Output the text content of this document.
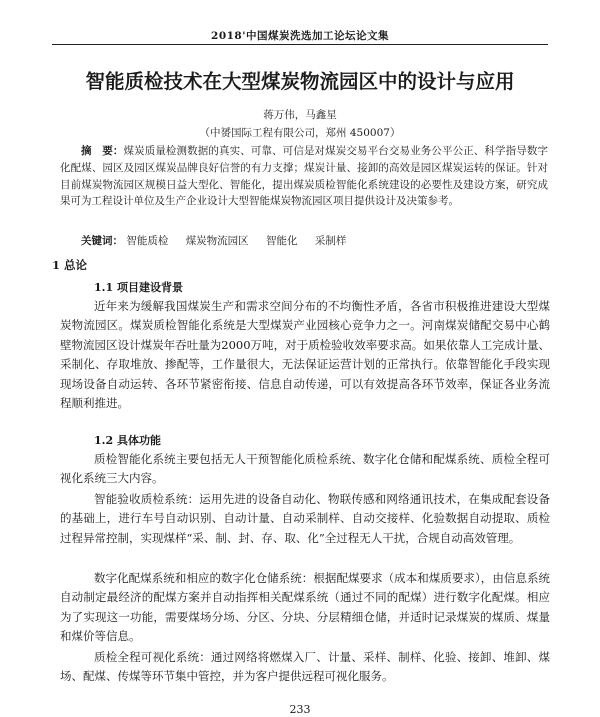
2018'中国煤炭洗选加工论坛论文集
智能质检技术在大型煤炭物流园区中的设计与应用
蒋万伟，马鑫星
（中赟国际工程有限公司，郑州 450007）
摘　要：煤炭质量检测数据的真实、可靠、可信是对煤炭交易平台交易业务公平公正、科学指导数字化配煤、园区及园区煤炭品牌良好信誉的有力支撑；煤炭计量、接卸的高效是园区煤炭运转的保证。针对目前煤炭物流园区规模日益大型化、智能化，提出煤炭质检智能化系统建设的必要性及建设方案，研究成果可为工程设计单位及生产企业设计大型智能煤炭物流园区项目提供设计及决策参考。
关键词： 智能质检 煤炭物流园区 智能化 采制样
1 总论
1.1 项目建设背景
近年来为缓解我国煤炭生产和需求空间分布的不均衡性矛盾，各省市积极推进建设大型煤炭物流园区。煤炭质检智能化系统是大型煤炭产业园核心竞争力之一。河南煤炭储配交易中心鹤壁物流园区设计煤炭年吞吐量为2000万吨，对于质检验收效率要求高。如果依靠人工完成计量、采制化、存取堆放、掺配等，工作量很大，无法保证运营计划的正常执行。依靠智能化手段实现现场设备自动运转、各环节紧密衔接、信息自动传递，可以有效提高各环节效率，保证各业务流程顺利推进。
1.2 具体功能
质检智能化系统主要包括无人干预智能化质检系统、数字化仓储和配煤系统、质检全程可视化系统三大内容。
智能验收质检系统：运用先进的设备自动化、物联传感和网络通讯技术，在集成配套设备的基础上，进行车号自动识别、自动计量、自动采制样、自动交接样、化验数据自动提取、质检过程异常控制，实现煤样“采、制、封、存、取、化”全过程无人干扰，合规自动高效管理。
数字化配煤系统和相应的数字化仓储系统：根据配煤要求（成本和煤质要求），由信息系统自动制定最经济的配煤方案并自动指挥相关配煤系统（通过不同的配煤）进行数字化配煤。相应为了实现这一功能，需要煤场分场、分区、分块、分层精细仓储，并适时记录煤炭的煤质、煤量和煤价等信息。
质检全程可视化系统：通过网络将燃煤入厂、计量、采样、制样、化验、接卸、堆卸、煤场、配煤、传煤等环节集中管控，并为客户提供远程可视化服务。
233
